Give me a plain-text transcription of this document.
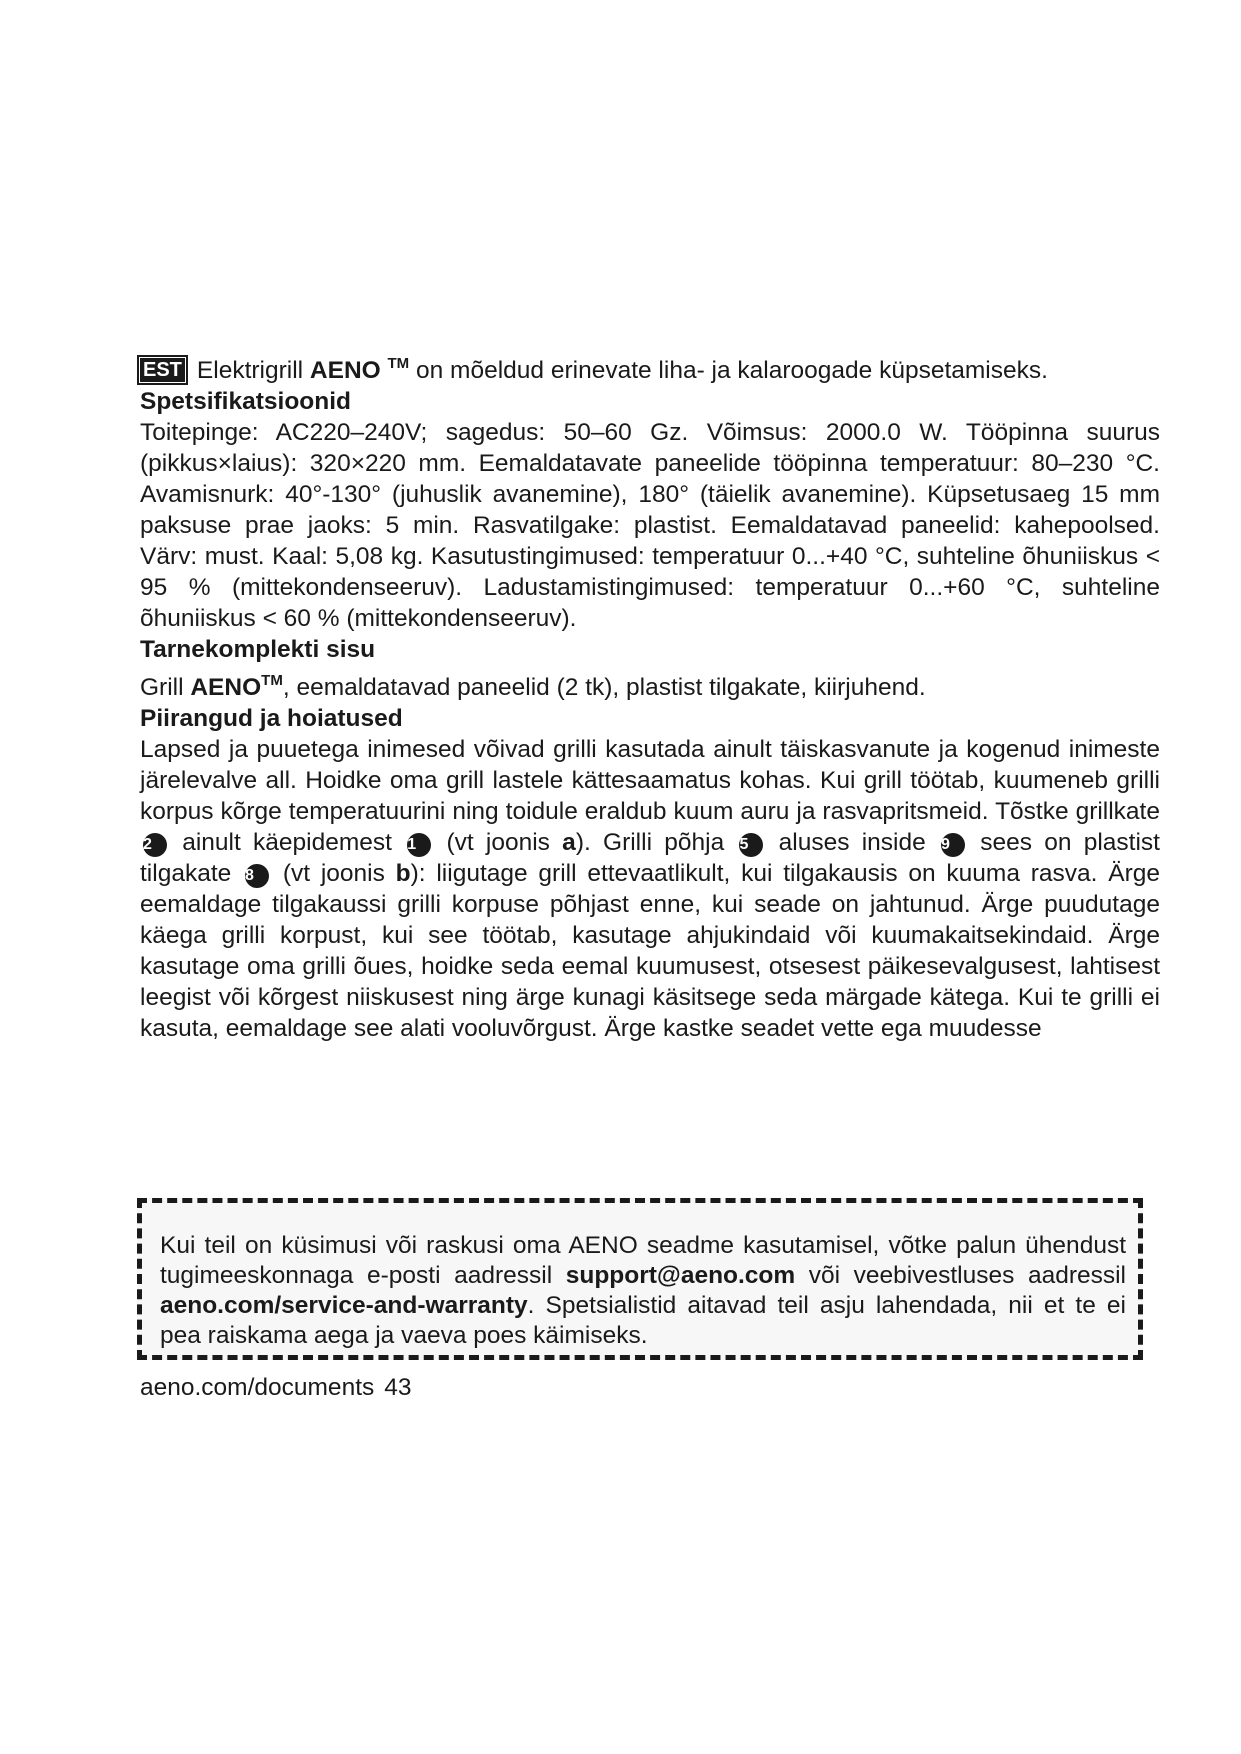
EST Elektrigrill AENO ™ on mõeldud erinevate liha- ja kalaroogade küpsetamiseks.

Spetsifikatsioonid

Toitepinge: AC220–240V; sagedus: 50–60 Gz. Võimsus: 2000.0 W. Tööpinna suurus (pikkus×laius): 320×220 mm. Eemaldatavate paneelide tööpinna temperatuur: 80–230 °C. Avamisnurk: 40°-130° (juhuslik avanemine), 180° (täielik avanemine). Küpsetusaeg 15 mm paksuse prae jaoks: 5 min. Rasvatilgake: plastist. Eemaldatavad paneelid: kahepoolsed. Värv: must. Kaal: 5,08 kg. Kasutustingimused: temperatuur 0...+40 °C, suhteline õhuniiskus < 95 % (mittekondenseeruv). Ladustamistingimused: temperatuur 0...+60 °C, suhteline õhuniiskus < 60 % (mittekondenseeruv).

Tarnekomplekti sisu

Grill AENO™, eemaldatavad paneelid (2 tk), plastist tilgakate, kiirjuhend.

Piirangud ja hoiatused

Lapsed ja puuetega inimesed võivad grilli kasutada ainult täiskasvanute ja kogenud inimeste järelevalve all. Hoidke oma grill lastele kättesaamatus kohas. Kui grill töötab, kuumeneb grilli korpus kõrge temperatuurini ning toidule eraldub kuum auru ja rasvapritsmeid. Tõstke grillkate 2 ainult käepidemest 1 (vt joonis a). Grilli põhja 5 aluses inside 9 sees on plastist tilgakate 8 (vt joonis b): liigutage grill ettevaatlikult, kui tilgakausis on kuuma rasva. Ärge eemaldage tilgakaussi grilli korpuse põhjast enne, kui seade on jahtunud. Ärge puudutage käega grilli korpust, kui see töötab, kasutage ahjukindaid või kuumakaitsekindaid. Ärge kasutage oma grilli õues, hoidke seda eemal kuumusest, otsesest päikesevalgusest, lahtisest leegist või kõrgest niiskusest ning ärge kunagi käsitsege seda märgade kätega. Kui te grilli ei kasuta, eemaldage see alati vooluvõrgust. Ärge kastke seadet vette ega muudesse

Kui teil on küsimusi või raskusi oma AENO seadme kasutamisel, võtke palun ühendust tugimeeskonnaga e-posti aadressil support@aeno.com või veebivestluses aadressil aeno.com/service-and-warranty. Spetsialistid aitavad teil asju lahendada, nii et te ei pea raiskama aega ja vaeva poes käimiseks.

aeno.com/documents 43
